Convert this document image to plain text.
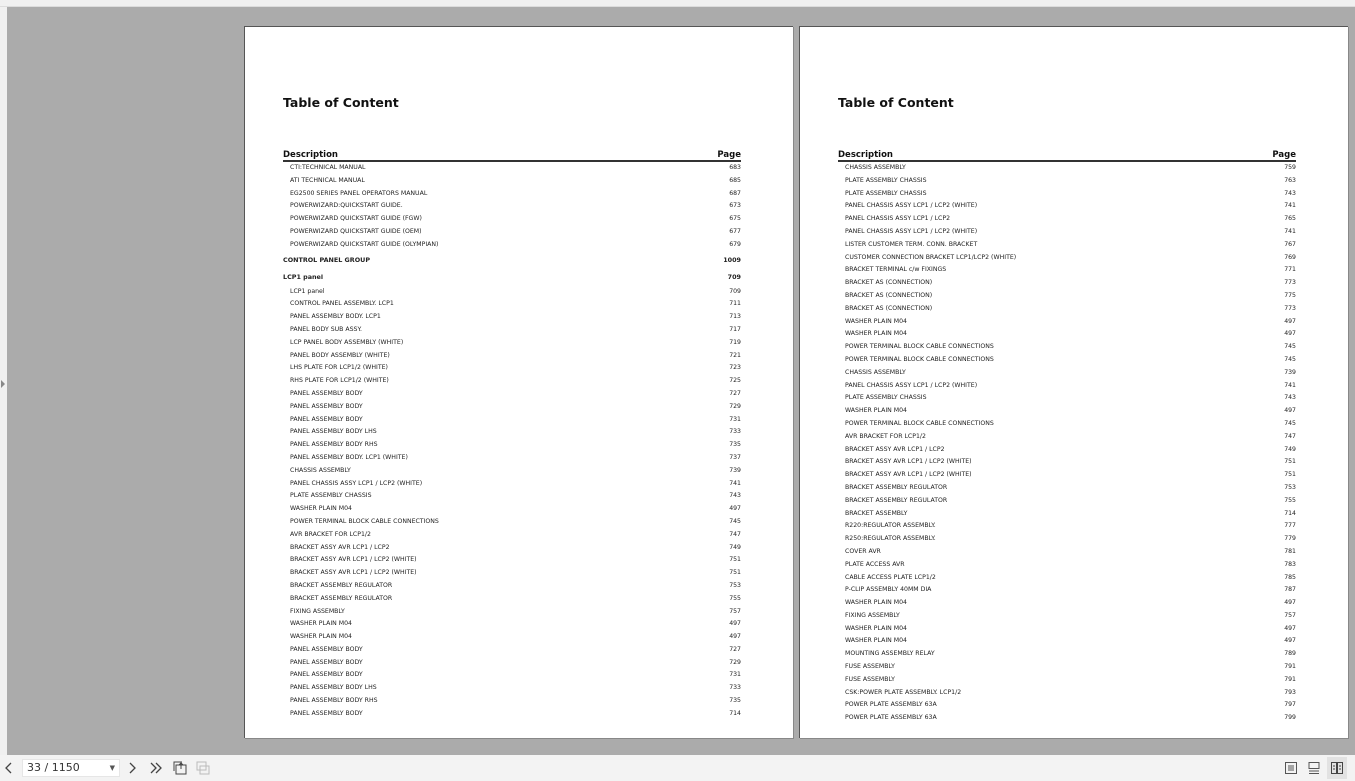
Table of Content
Description	Page
CTI:TECHNICAL MANUAL	683
ATI TECHNICAL MANUAL	685
EG2500 SERIES PANEL OPERATORS MANUAL	687
POWERWIZARD:QUICKSTART GUIDE.	673
POWERWIZARD QUICKSTART GUIDE (FGW)	675
POWERWIZARD QUICKSTART GUIDE (OEM)	677
POWERWIZARD QUICKSTART GUIDE (OLYMPIAN)	679
CONTROL PANEL GROUP	1009
LCP1 panel	709
LCP1 panel	709
CONTROL PANEL ASSEMBLY. LCP1	711
PANEL ASSEMBLY BODY. LCP1	713
PANEL BODY SUB ASSY.	717
LCP PANEL BODY ASSEMBLY (WHITE)	719
PANEL BODY ASSEMBLY (WHITE)	721
LHS PLATE FOR LCP1/2 (WHITE)	723
RHS PLATE FOR LCP1/2 (WHITE)	725
PANEL ASSEMBLY BODY	727
PANEL ASSEMBLY BODY	729
PANEL ASSEMBLY BODY	731
PANEL ASSEMBLY BODY LHS	733
PANEL ASSEMBLY BODY RHS	735
PANEL ASSEMBLY BODY. LCP1 (WHITE)	737
CHASSIS ASSEMBLY	739
PANEL CHASSIS ASSY LCP1 / LCP2 (WHITE)	741
PLATE ASSEMBLY CHASSIS	743
WASHER PLAIN M04	497
POWER TERMINAL BLOCK CABLE CONNECTIONS	745
AVR BRACKET FOR LCP1/2	747
BRACKET ASSY AVR LCP1 / LCP2	749
BRACKET ASSY AVR LCP1 / LCP2 (WHITE)	751
BRACKET ASSY AVR LCP1 / LCP2 (WHITE)	751
BRACKET ASSEMBLY REGULATOR	753
BRACKET ASSEMBLY REGULATOR	755
FIXING ASSEMBLY	757
WASHER PLAIN M04	497
WASHER PLAIN M04	497
PANEL ASSEMBLY BODY	727
PANEL ASSEMBLY BODY	729
PANEL ASSEMBLY BODY	731
PANEL ASSEMBLY BODY LHS	733
PANEL ASSEMBLY BODY RHS	735
PANEL ASSEMBLY BODY	714
Table of Content
Description	Page
CHASSIS ASSEMBLY	759
PLATE ASSEMBLY CHASSIS	763
PLATE ASSEMBLY CHASSIS	743
PANEL CHASSIS ASSY LCP1 / LCP2 (WHITE)	741
PANEL CHASSIS ASSY LCP1 / LCP2	765
PANEL CHASSIS ASSY LCP1 / LCP2 (WHITE)	741
LISTER CUSTOMER TERM. CONN. BRACKET	767
CUSTOMER CONNECTION BRACKET LCP1/LCP2 (WHITE)	769
BRACKET TERMINAL c/w FIXINGS	771
BRACKET AS (CONNECTION)	773
BRACKET AS (CONNECTION)	775
BRACKET AS (CONNECTION)	773
WASHER PLAIN M04	497
WASHER PLAIN M04	497
POWER TERMINAL BLOCK CABLE CONNECTIONS	745
POWER TERMINAL BLOCK CABLE CONNECTIONS	745
CHASSIS ASSEMBLY	739
PANEL CHASSIS ASSY LCP1 / LCP2 (WHITE)	741
PLATE ASSEMBLY CHASSIS	743
WASHER PLAIN M04	497
POWER TERMINAL BLOCK CABLE CONNECTIONS	745
AVR BRACKET FOR LCP1/2	747
BRACKET ASSY AVR LCP1 / LCP2	749
BRACKET ASSY AVR LCP1 / LCP2 (WHITE)	751
BRACKET ASSY AVR LCP1 / LCP2 (WHITE)	751
BRACKET ASSEMBLY REGULATOR	753
BRACKET ASSEMBLY REGULATOR	755
BRACKET ASSEMBLY	714
R220:REGULATOR ASSEMBLY.	777
R250:REGULATOR ASSEMBLY.	779
COVER AVR	781
PLATE ACCESS AVR	783
CABLE ACCESS PLATE LCP1/2	785
P-CLIP ASSEMBLY 40MM DIA	787
WASHER PLAIN M04	497
FIXING ASSEMBLY	757
WASHER PLAIN M04	497
WASHER PLAIN M04	497
MOUNTING ASSEMBLY RELAY	789
FUSE ASSEMBLY	791
FUSE ASSEMBLY	791
CSK:POWER PLATE ASSEMBLY. LCP1/2	793
POWER PLATE ASSEMBLY 63A	797
POWER PLATE ASSEMBLY 63A	799
33 / 1150	▼
